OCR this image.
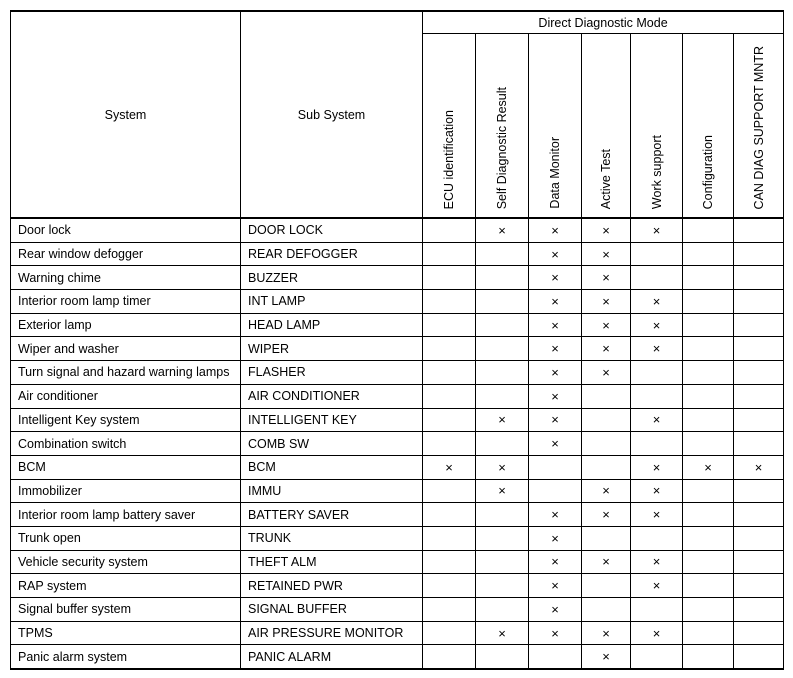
System	Sub System	Direct Diagnostic Mode						

		ECU identification	Self Diagnostic Result	Data Monitor	Active Test	Work support	Configuration	CAN DIAG SUPPORT MNTR

Door lock	DOOR LOCK		×	×	×	×		
Rear window defogger	REAR DEFOGGER			×	×			
Warning chime	BUZZER			×	×			
Interior room lamp timer	INT LAMP			×	×	×		
Exterior lamp	HEAD LAMP			×	×	×		
Wiper and washer	WIPER			×	×	×		
Turn signal and hazard warning lamps	FLASHER			×	×			
Air conditioner	AIR CONDITIONER			×				
Intelligent Key system	INTELLIGENT KEY		×	×		×		
Combination switch	COMB SW			×				
BCM	BCM	×	×			×	×	×
Immobilizer	IMMU		×		×	×		
Interior room lamp battery saver	BATTERY SAVER			×	×	×		
Trunk open	TRUNK			×				
Vehicle security system	THEFT ALM			×	×	×		
RAP system	RETAINED PWR			×		×		
Signal buffer system	SIGNAL BUFFER			×				
TPMS	AIR PRESSURE MONITOR		×	×	×	×		
Panic alarm system	PANIC ALARM				×			
